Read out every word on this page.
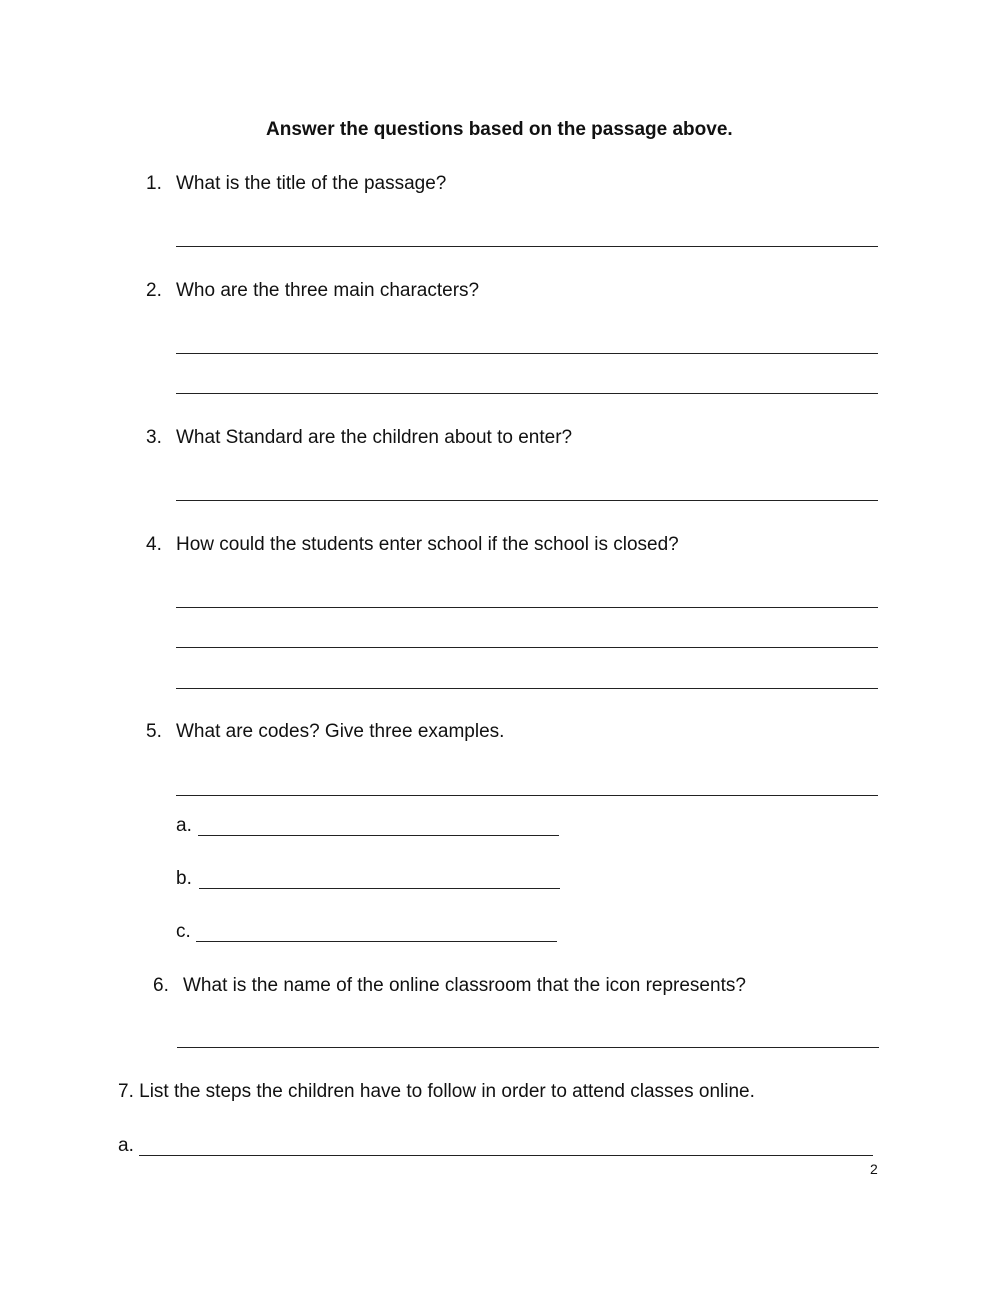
Answer the questions based on the passage above.
1. What is the title of the passage?
2. Who are the three main characters?
3. What Standard are the children about to enter?
4. How could the students enter school if the school is closed?
5. What are codes? Give three examples.
a.
b.
c.
6. What is the name of the online classroom that the icon represents?
7. List the steps the children have to follow in order to attend classes online.
a.
2
